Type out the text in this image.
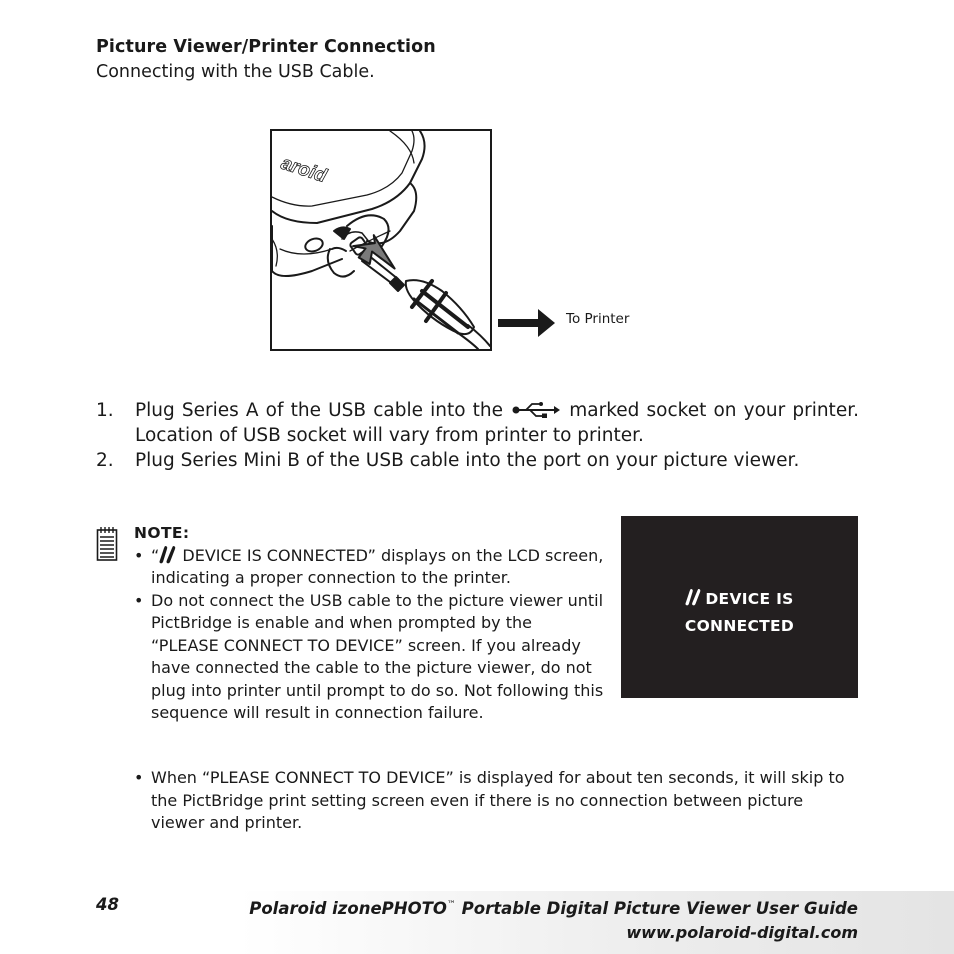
Picture Viewer/Printer Connection
Connecting with the USB Cable.
aroid
To Printer
1. Plug Series A of the USB cable into the	marked socket on your printer. Location of USB socket will vary from printer to printer.
2. Plug Series Mini B of the USB cable into the port on your picture viewer.
NOTE:
• “ DEVICE IS CONNECTED” displays on the LCD screen, indicating a proper connection to the printer.
• Do not connect the USB cable to the picture viewer until PictBridge is enable and when prompted by the “PLEASE CONNECT TO DEVICE” screen. If you already have connected the cable to the picture viewer, do not plug into printer until prompt to do so. Not following this sequence will result in connection failure.
DEVICE IS
CONNECTED
• When “PLEASE CONNECT TO DEVICE” is displayed for about ten seconds, it will skip to the PictBridge print setting screen even if there is no connection between picture viewer and printer.
48	Polaroid izonePHOTO™ Portable Digital Picture Viewer User Guide
www.polaroid-digital.com
